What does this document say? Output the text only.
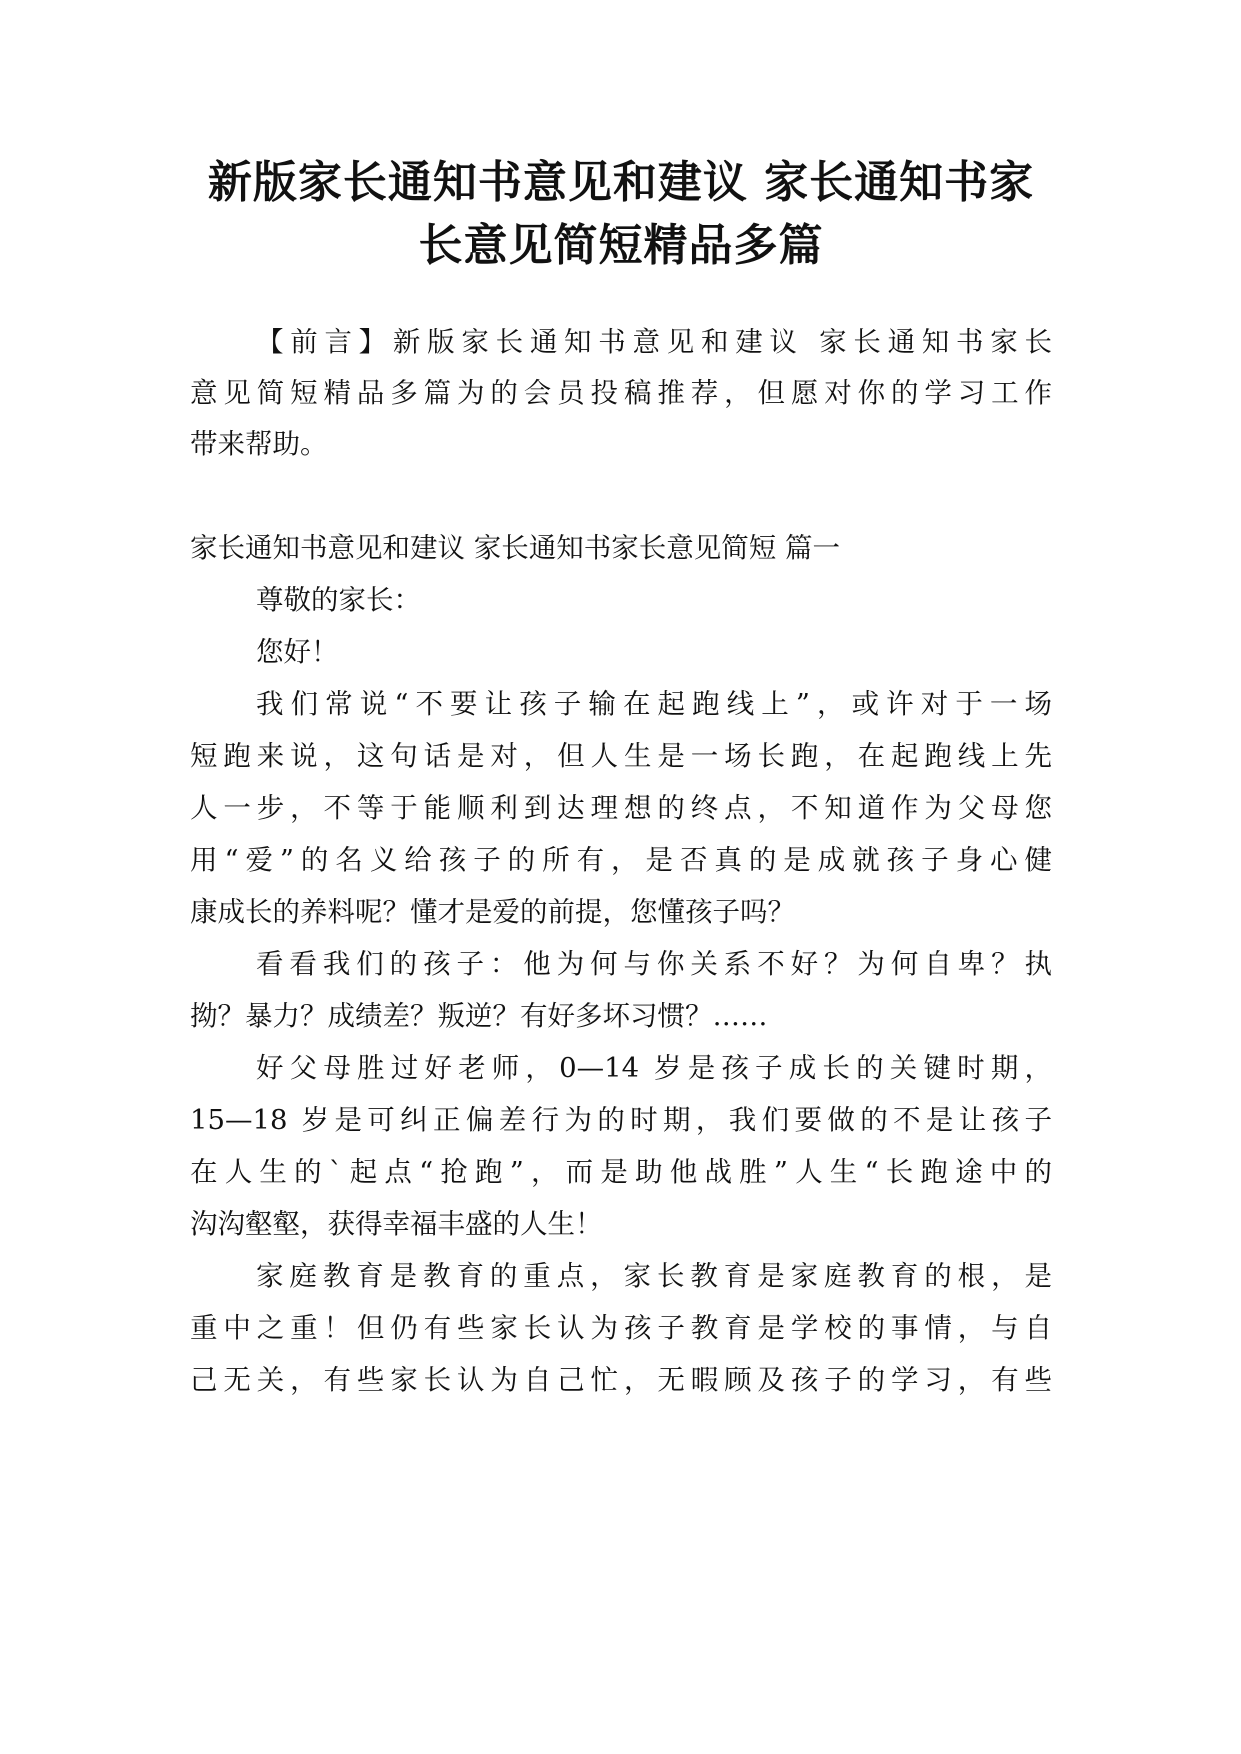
新版家长通知书意见和建议 家长通知书家
长意见简短精品多篇
【前言】新版家长通知书意见和建议 家长通知书家长
意见简短精品多篇为的会员投稿推荐，但愿对你的学习工作
带来帮助。
家长通知书意见和建议 家长通知书家长意见简短 篇一
尊敬的家长：
您好！
我们常说“不要让孩子输在起跑线上”，或许对于一场
短跑来说，这句话是对，但人生是一场长跑，在起跑线上先
人一步，不等于能顺利到达理想的终点，不知道作为父母您
用“爱”的名义给孩子的所有，是否真的是成就孩子身心健
康成长的养料呢？懂才是爱的前提，您懂孩子吗？
看看我们的孩子：他为何与你关系不好？为何自卑？执
拗？暴力？成绩差？叛逆？有好多坏习惯？……
好父母胜过好老师，0—14 岁是孩子成长的关键时期，
15—18 岁是可纠正偏差行为的时期，我们要做的不是让孩子
在人生的`起点“抢跑”，而是助他战胜”人生“长跑途中的
沟沟壑壑，获得幸福丰盛的人生！
家庭教育是教育的重点，家长教育是家庭教育的根，是
重中之重！但仍有些家长认为孩子教育是学校的事情，与自
己无关，有些家长认为自己忙，无暇顾及孩子的学习，有些
